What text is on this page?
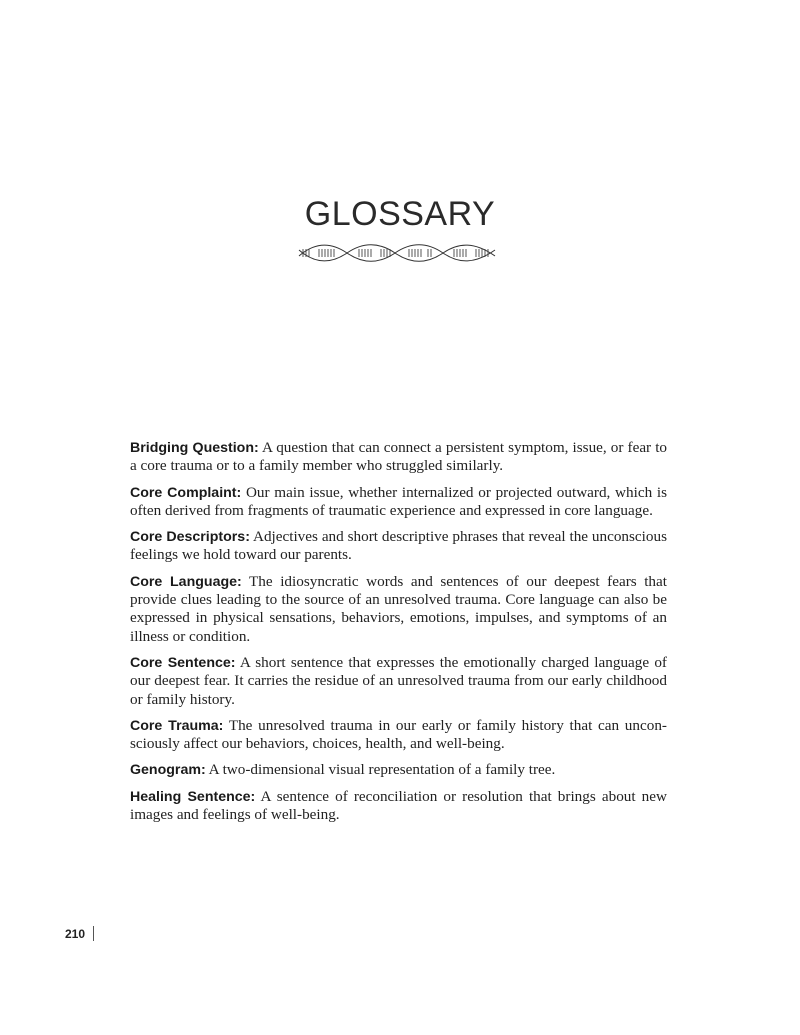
GLOSSARY

Bridging Question: A question that can connect a persistent symptom, issue, or fear to a core trauma or to a family member who struggled similarly.

Core Complaint: Our main issue, whether internalized or projected outward, which is often derived from fragments of traumatic experience and expressed in core language.

Core Descriptors: Adjectives and short descriptive phrases that reveal the unconscious feelings we hold toward our parents.

Core Language: The idiosyncratic words and sentences of our deepest fears that provide clues leading to the source of an unresolved trauma. Core language can also be expressed in physical sensations, behaviors, emotions, impulses, and symptoms of an illness or condition.

Core Sentence: A short sentence that expresses the emotionally charged language of our deepest fear. It carries the residue of an unresolved trauma from our early childhood or family history.

Core Trauma: The unresolved trauma in our early or family history that can unconsciously affect our behaviors, choices, health, and well-being.

Genogram: A two-dimensional visual representation of a family tree.

Healing Sentence: A sentence of reconciliation or resolution that brings about new images and feelings of well-being.

210
